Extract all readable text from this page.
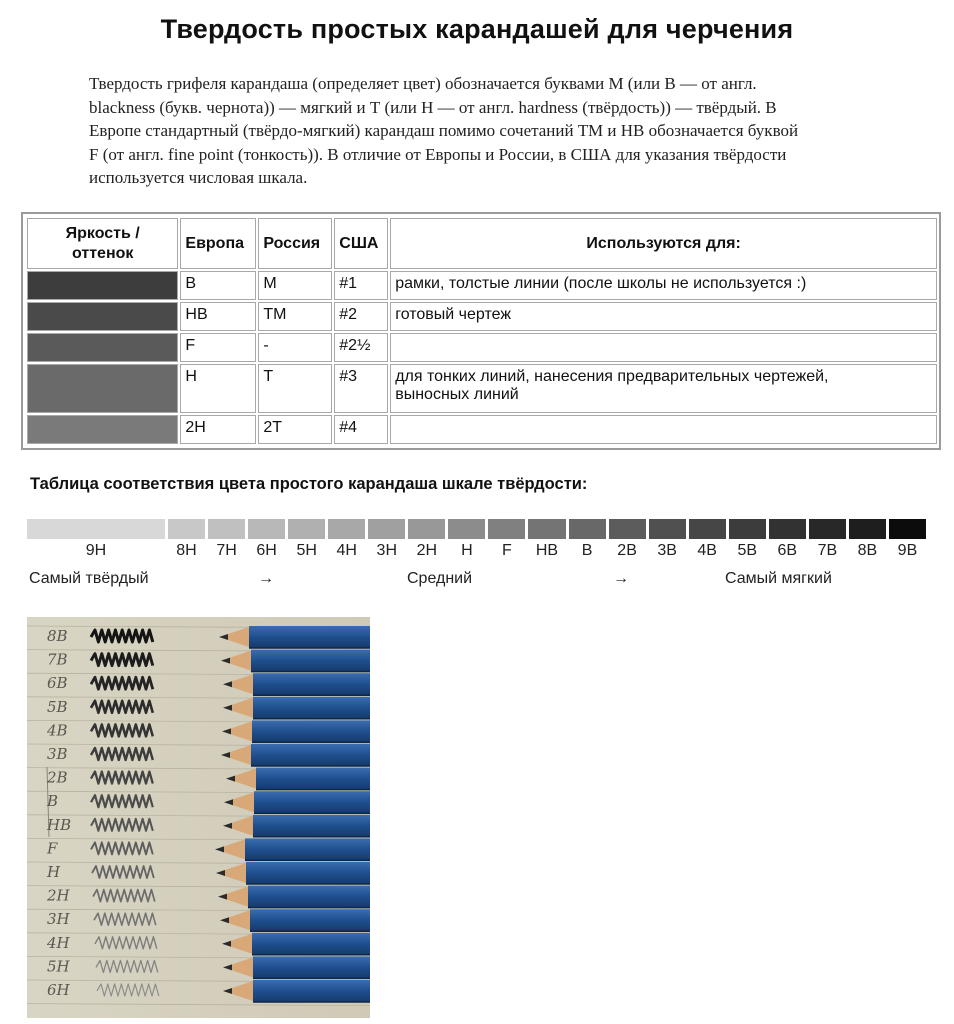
Твердость простых карандашей для черчения
Твердость грифеля карандаша (определяет цвет) обозначается буквами М (или B — от англ.
blackness (букв. чернота)) — мягкий и Т (или H — от англ. hardness (твёрдость)) — твёрдый. В
Европе стандартный (твёрдо-мягкий) карандаш помимо сочетаний ТМ и HB обозначается буквой
F (от англ. fine point (тонкость)). В отличие от Европы и России, в США для указания твёрдости
используется числовая шкала.
Яркость /
оттенок	Европа	Россия	США	Используются для:

	B	М	#1	рамки, толстые линии (после школы не используется :)

	HB	ТМ	#2	готовый чертеж

	F	-	#2½	

	H	Т	#3	для тонких линий, нанесения предварительных чертежей,
выносных линий

	2H	2Т	#4	
Таблица соответствия цвета простого карандаша шкале твёрдости:
9H	8H	7H	6H	5H	4H	3H	2H	H	F	HB	B	2B	3B	4B	5B	6B	7B	8B	9B
Самый твёрдый	→	Средний	→	Самый мягкий
8B
7B
6B
5B
4B
3B
2B
B
HB
F
H
2H
3H
4H
5H
6H
